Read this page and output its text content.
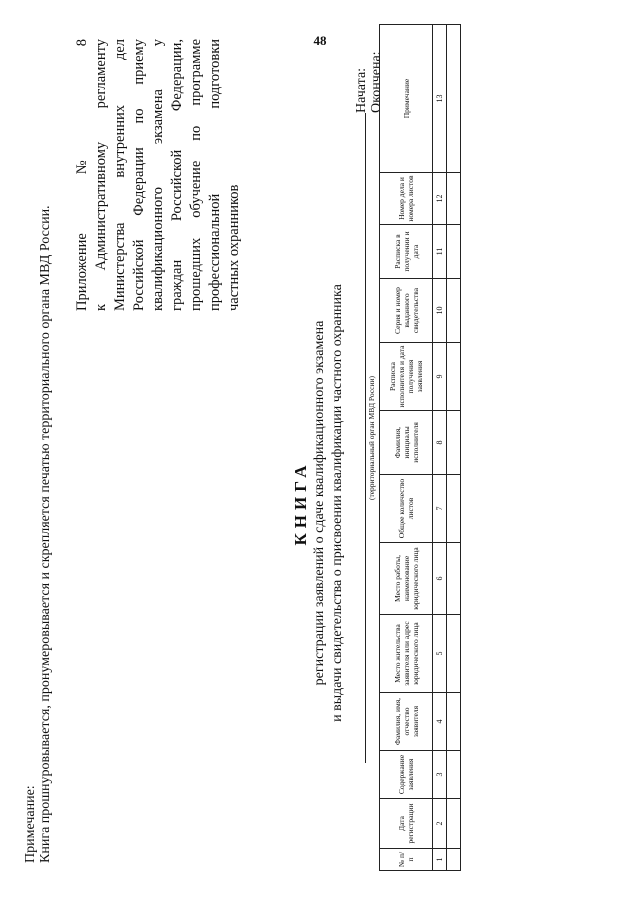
48
Примечание: Книга прошнуровывается, пронумеровывается и скрепляется печатью территориального органа МВД России.
Приложение № 8 к Административному регламенту Министерства внутренних дел Российской Федерации по приему квалификационного экзамена у граждан Российской Федерации, прошедших обучение по программе профессиональной подготовки частных охранников
КНИГА регистрации заявлений о сдаче квалификационного экзамена и выдачи свидетельства о присвоении квалификации частного охранника	(территориальный орган МВД России)
Начата: Окончена:
№ п/п	Дата регистрации	Содержание заявления	Фамилия, имя, отчество заявителя	Место жительства заявителя или адрес юридического лица	Место работы, наименование юридического лица	Общее количество листов	Фамилия, инициалы исполнителя	Расписка исполнителя и дата получения заявления	Серия и номер выданного свидетельства	Расписка в получении и дата	Номер дела и номера листов	Примечание
1	2	3	4	5	6	7	8	9	10	11	12	13
